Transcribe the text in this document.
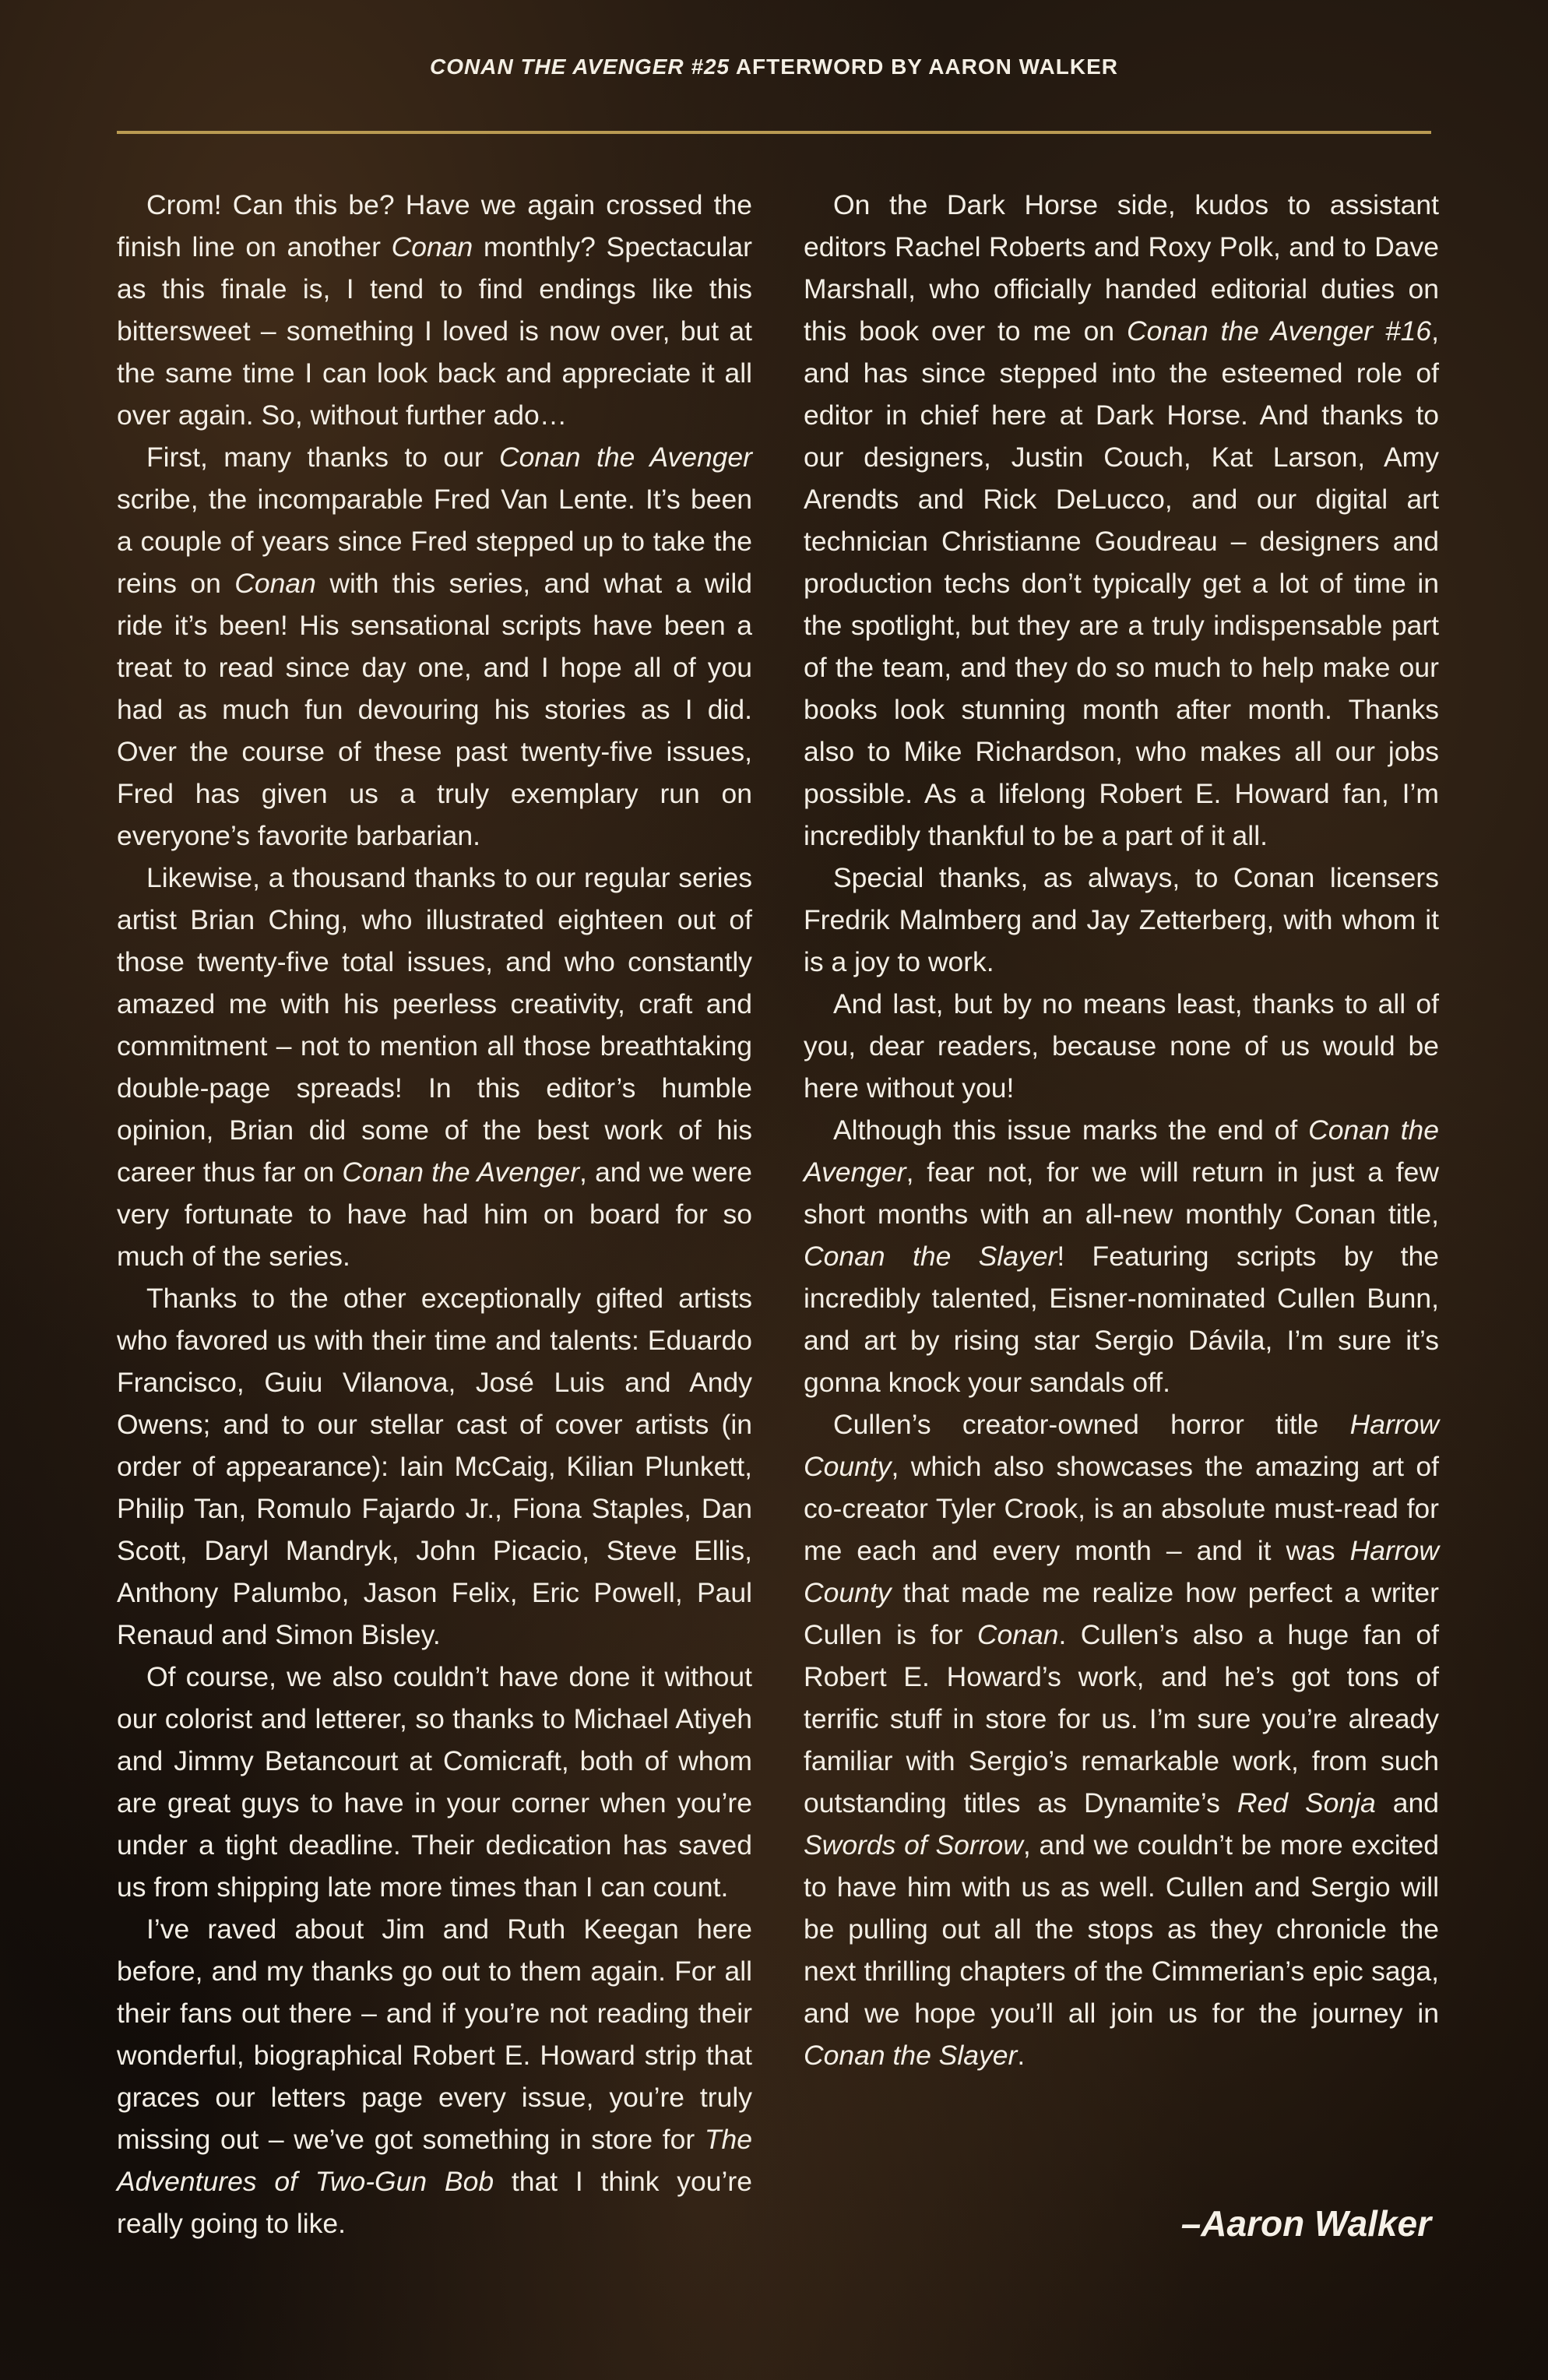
CONAN THE AVENGER #25 AFTERWORD BY AARON WALKER

Crom! Can this be? Have we again crossed the finish line on another Conan monthly? Spectacular as this finale is, I tend to find endings like this bittersweet – something I loved is now over, but at the same time I can look back and appreciate it all over again. So, without further ado…

First, many thanks to our Conan the Avenger scribe, the incomparable Fred Van Lente. It’s been a couple of years since Fred stepped up to take the reins on Conan with this series, and what a wild ride it’s been! His sensational scripts have been a treat to read since day one, and I hope all of you had as much fun devouring his stories as I did. Over the course of these past twenty-five issues, Fred has given us a truly exemplary run on everyone’s favorite barbarian.

Likewise, a thousand thanks to our regular series artist Brian Ching, who illustrated eighteen out of those twenty-five total issues, and who constantly amazed me with his peerless creativity, craft and commitment – not to mention all those breathtaking double-page spreads! In this editor’s humble opinion, Brian did some of the best work of his career thus far on Conan the Avenger, and we were very fortunate to have had him on board for so much of the series.

Thanks to the other exceptionally gifted artists who favored us with their time and talents: Eduardo Francisco, Guiu Vilanova, José Luis and Andy Owens; and to our stellar cast of cover artists (in order of appearance): Iain McCaig, Kilian Plunkett, Philip Tan, Romulo Fajardo Jr., Fiona Staples, Dan Scott, Daryl Mandryk, John Picacio, Steve Ellis, Anthony Palumbo, Jason Felix, Eric Powell, Paul Renaud and Simon Bisley.

Of course, we also couldn’t have done it without our colorist and letterer, so thanks to Michael Atiyeh and Jimmy Betancourt at Comicraft, both of whom are great guys to have in your corner when you’re under a tight deadline. Their dedication has saved us from shipping late more times than I can count.

I’ve raved about Jim and Ruth Keegan here before, and my thanks go out to them again. For all their fans out there – and if you’re not reading their wonderful, biographical Robert E. Howard strip that graces our letters page every issue, you’re truly missing out – we’ve got something in store for The Adventures of Two-Gun Bob that I think you’re really going to like.

On the Dark Horse side, kudos to assistant editors Rachel Roberts and Roxy Polk, and to Dave Marshall, who officially handed editorial duties on this book over to me on Conan the Avenger #16, and has since stepped into the esteemed role of editor in chief here at Dark Horse. And thanks to our designers, Justin Couch, Kat Larson, Amy Arendts and Rick DeLucco, and our digital art technician Christianne Goudreau – designers and production techs don’t typically get a lot of time in the spotlight, but they are a truly indispensable part of the team, and they do so much to help make our books look stunning month after month. Thanks also to Mike Richardson, who makes all our jobs possible. As a lifelong Robert E. Howard fan, I’m incredibly thankful to be a part of it all.

Special thanks, as always, to Conan licensers Fredrik Malmberg and Jay Zetterberg, with whom it is a joy to work.

And last, but by no means least, thanks to all of you, dear readers, because none of us would be here without you!

Although this issue marks the end of Conan the Avenger, fear not, for we will return in just a few short months with an all-new monthly Conan title, Conan the Slayer! Featuring scripts by the incredibly talented, Eisner-nominated Cullen Bunn, and art by rising star Sergio Dávila, I’m sure it’s gonna knock your sandals off.

Cullen’s creator-owned horror title Harrow County, which also showcases the amazing art of co-creator Tyler Crook, is an absolute must-read for me each and every month – and it was Harrow County that made me realize how perfect a writer Cullen is for Conan. Cullen’s also a huge fan of Robert E. Howard’s work, and he’s got tons of terrific stuff in store for us. I’m sure you’re already familiar with Sergio’s remarkable work, from such outstanding titles as Dynamite’s Red Sonja and Swords of Sorrow, and we couldn’t be more excited to have him with us as well. Cullen and Sergio will be pulling out all the stops as they chronicle the next thrilling chapters of the Cimmerian’s epic saga, and we hope you’ll all join us for the journey in Conan the Slayer.

–Aaron Walker
